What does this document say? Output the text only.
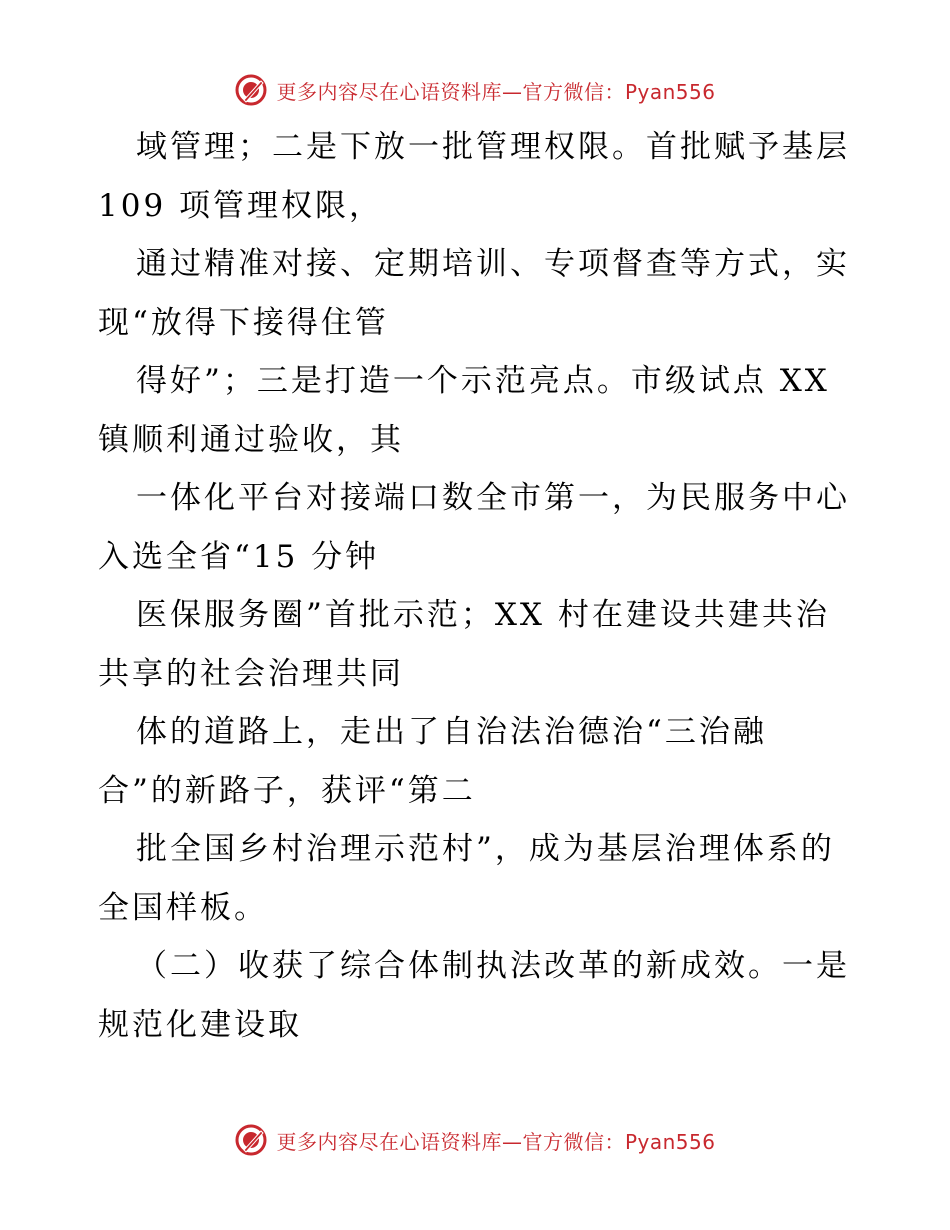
更多内容尽在心语资料库—官方微信：Pyan556
域管理；二是下放一批管理权限。首批赋予基层
109 项管理权限，
通过精准对接、定期培训、专项督查等方式，实
现“放得下接得住管
得好”；三是打造一个示范亮点。市级试点 XX
镇顺利通过验收，其
一体化平台对接端口数全市第一，为民服务中心
入选全省“15 分钟
医保服务圈”首批示范；XX 村在建设共建共治
共享的社会治理共同
体的道路上，走出了自治法治德治“三治融
合”的新路子，获评“第二
批全国乡村治理示范村”，成为基层治理体系的
全国样板。
（二）收获了综合体制执法改革的新成效。一是
规范化建设取
更多内容尽在心语资料库—官方微信：Pyan556
